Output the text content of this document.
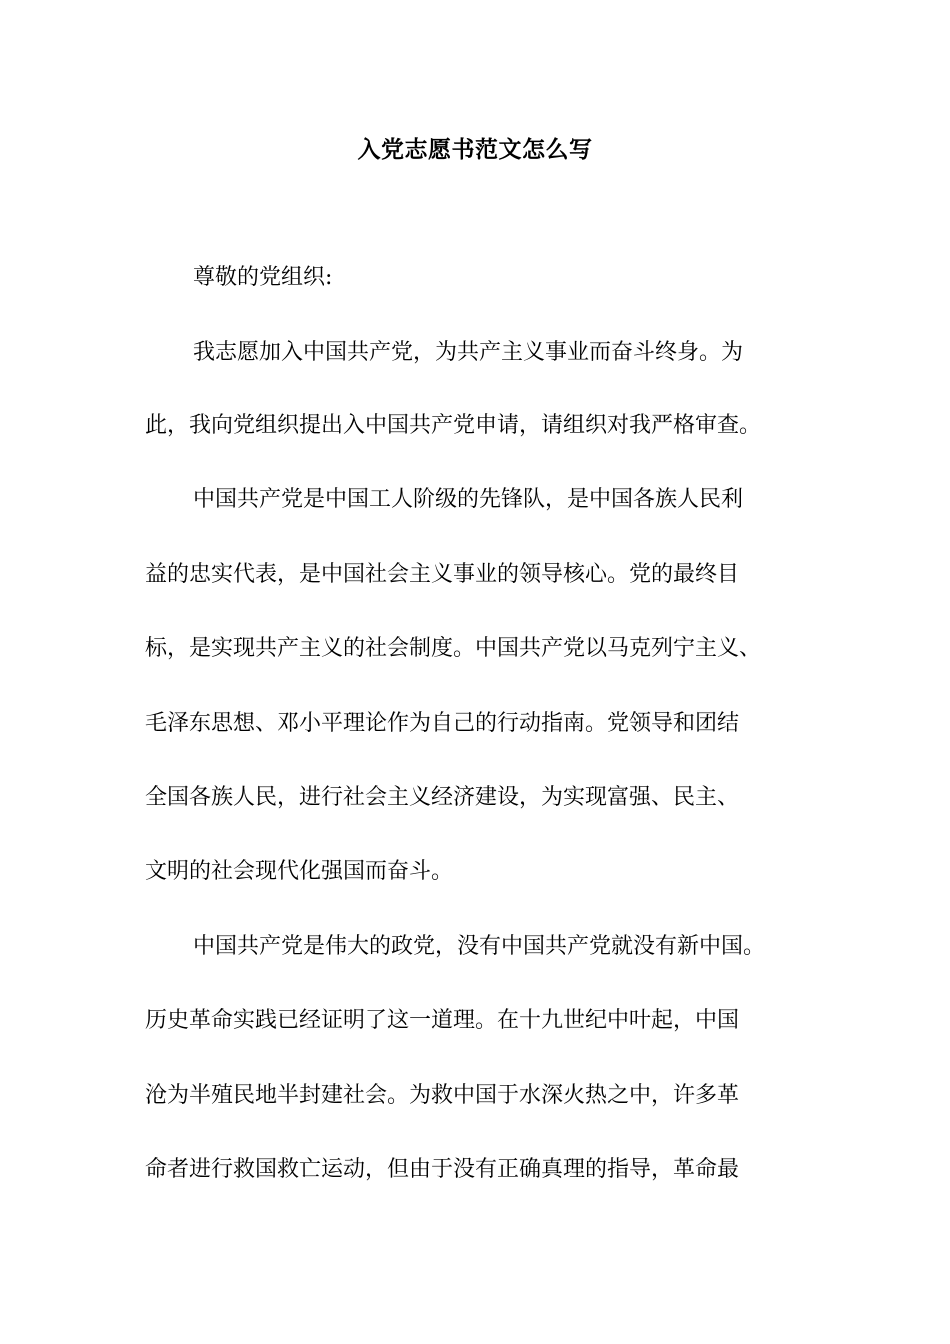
入党志愿书范文怎么写
尊敬的党组织:
我志愿加入中国共产党，为共产主义事业而奋斗终身。为
此，我向党组织提出入中国共产党申请，请组织对我严格审查。
中国共产党是中国工人阶级的先锋队，是中国各族人民利
益的忠实代表，是中国社会主义事业的领导核心。党的最终目
标，是实现共产主义的社会制度。中国共产党以马克列宁主义、
毛泽东思想、邓小平理论作为自己的行动指南。党领导和团结
全国各族人民，进行社会主义经济建设，为实现富强、民主、
文明的社会现代化强国而奋斗。
中国共产党是伟大的政党，没有中国共产党就没有新中国。
历史革命实践已经证明了这一道理。在十九世纪中叶起，中国
沧为半殖民地半封建社会。为救中国于水深火热之中，许多革
命者进行救国救亡运动，但由于没有正确真理的指导，革命最
